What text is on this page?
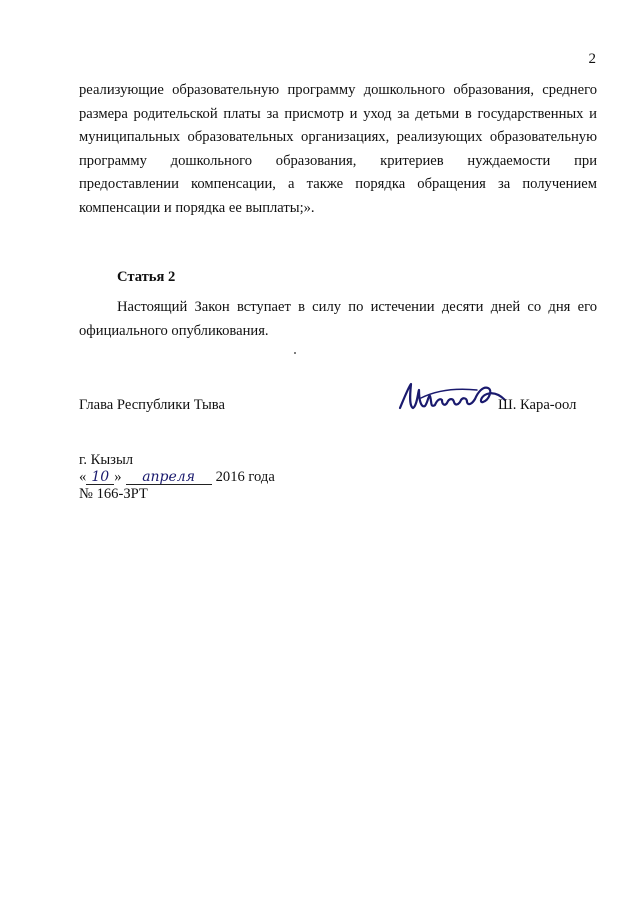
2

реализующие образовательную программу дошкольного образования, среднего размера родительской платы за присмотр и уход за детьми в государственных и муниципальных образовательных организациях, реализующих образовательную программу дошкольного образования, критериев нуждаемости при предоставлении компенсации, а также порядка обращения за получением компенсации и порядка ее выплаты;».

Статья 2

Настоящий Закон вступает в силу по истечении десяти дней со дня его официального опубликования.

Глава Республики Тыва	Ш. Кара-оол
г. Кызыл
« 10 » апреля 2016 года
№ 166-ЗРТ
